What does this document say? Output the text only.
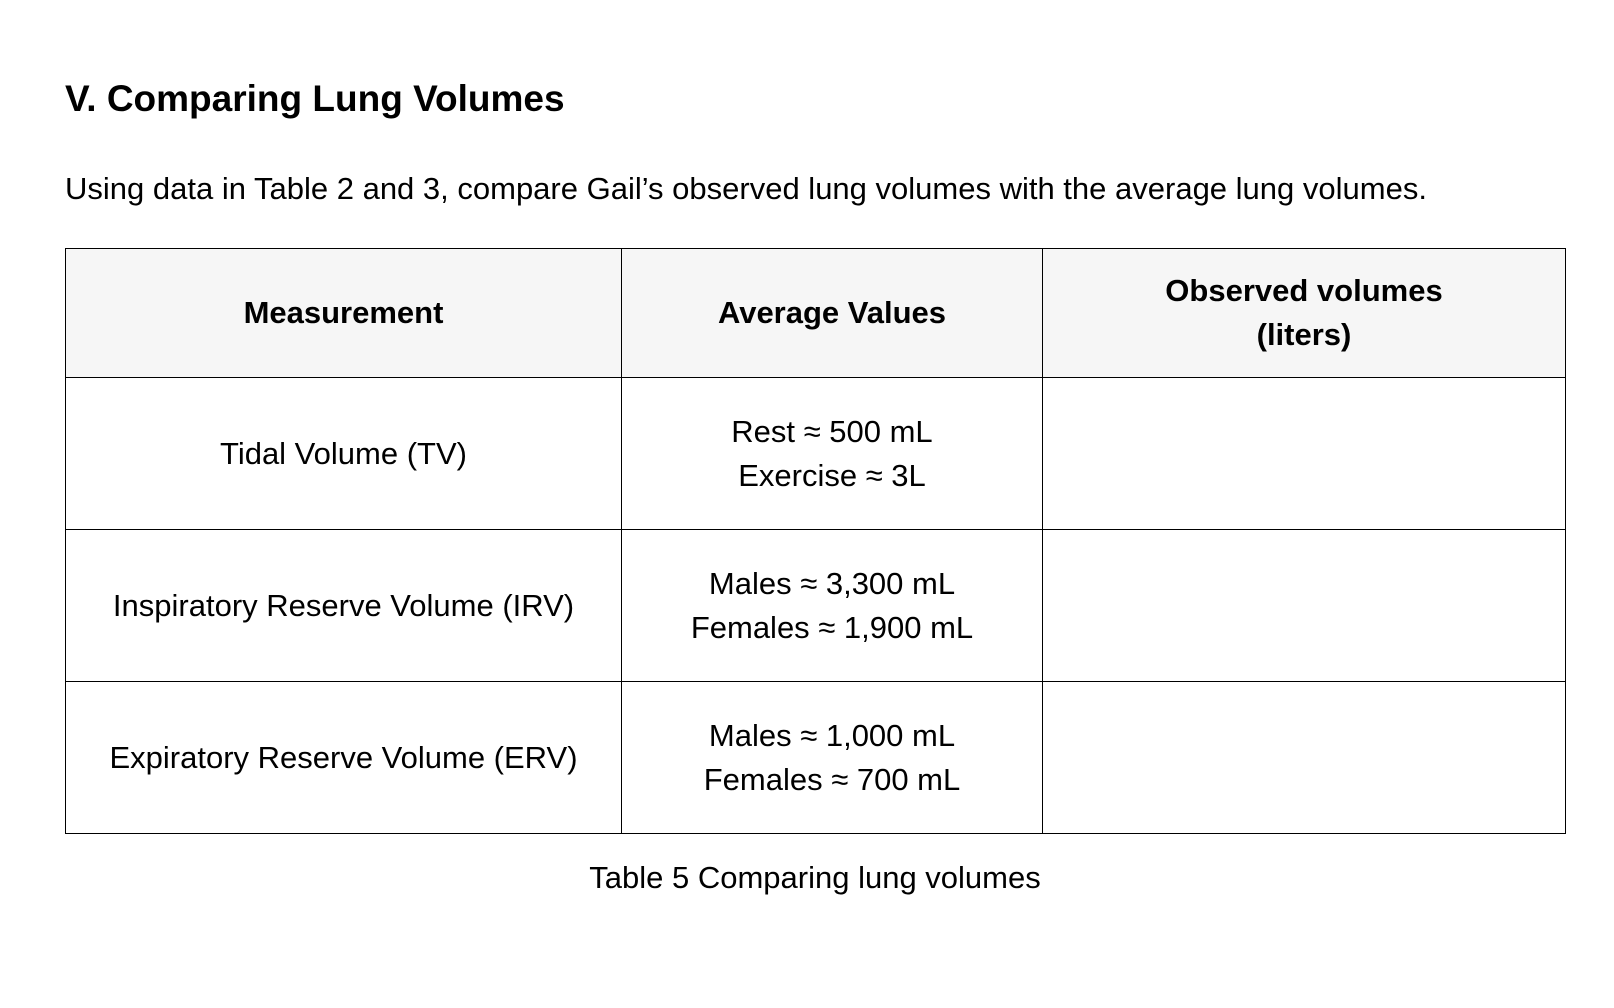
V. Comparing Lung Volumes

Using data in Table 2 and 3, compare Gail’s observed lung volumes with the average lung volumes.

Measurement	Average Values	Observed volumes
(liters)

Tidal Volume (TV)	Rest ≈ 500 mL
Exercise ≈ 3L	

Inspiratory Reserve Volume (IRV)	Males ≈ 3,300 mL
Females ≈ 1,900 mL	

Expiratory Reserve Volume (ERV)	Males ≈ 1,000 mL
Females ≈ 700 mL	

Table 5 Comparing lung volumes
